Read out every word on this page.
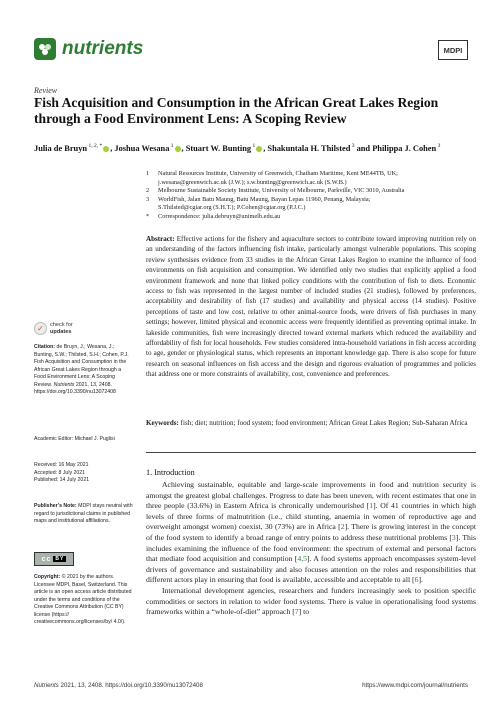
nutrients	MDPI
Review
Fish Acquisition and Consumption in the African Great Lakes Region through a Food Environment Lens: A Scoping Review
Julia de Bruyn $^{1, 2, *}$ , Joshua Wesana $^1$ , Stuart W. Bunting $^1$ , Shakuntala H. Thilsted $^3$ and Philippa J. Cohen $^3$
1	Natural Resources Institute, University of Greenwich, Chatham Maritime, Kent ME44TB, UK;
j.wesana@greenwich.ac.uk (J.W.); s.w.bunting@greenwich.ac.uk (S.W.B.)
2	Melbourne Sustainable Society Institute, University of Melbourne, Parkville, VIC 3010, Australia
3	WorldFish, Jalan Batu Maung, Batu Maung, Bayan Lepas 11960, Penang, Malaysia;
S.Thilsted@cgiar.org (S.H.T.); P.Cohen@cgiar.org (P.J.C.)
*	Correspondence: julia.debruyn@unimelb.edu.au
✓	check for
updates
Citation: de Bruyn, J.; Wesana, J.; Bunting, S.W.; Thilsted, S.H.; Cohen, P.J. Fish Acquisition and Consumption in the African Great Lakes Region through a Food Environment Lens: A Scoping Review. Nutrients 2021, 13, 2408. https://doi.org/10.3390/nu13072408
Academic Editor: Michael J. Puglisi
Received: 16 May 2021
Accepted: 8 July 2021
Published: 14 July 2021
Publisher’s Note: MDPI stays neutral with regard to jurisdictional claims in published maps and institutional affiliations.
cc BY
Copyright: © 2021 by the authors. Licensee MDPI, Basel, Switzerland. This article is an open access article distributed under the terms and conditions of the Creative Commons Attribution (CC BY) license (https:// creativecommons.org/licenses/by/ 4.0/).
Abstract: Effective actions for the fishery and aquaculture sectors to contribute toward improving nutrition rely on an understanding of the factors influencing fish intake, particularly amongst vulnerable populations. This scoping review synthesises evidence from 33 studies in the African Great Lakes Region to examine the influence of food environments on fish acquisition and consumption. We identified only two studies that explicitly applied a food environment framework and none that linked policy conditions with the contribution of fish to diets. Economic access to fish was represented in the largest number of included studies (21 studies), followed by preferences, acceptability and desirability of fish (17 studies) and availability and physical access (14 studies). Positive perceptions of taste and low cost, relative to other animal-source foods, were drivers of fish purchases in many settings; however, limited physical and economic access were frequently identified as preventing optimal intake. In lakeside communities, fish were increasingly directed toward external markets which reduced the availability and affordability of fish for local households. Few studies considered intra-household variations in fish access according to age, gender or physiological status, which represents an important knowledge gap. There is also scope for future research on seasonal influences on fish access and the design and rigorous evaluation of programmes and policies that address one or more constraints of availability, cost, convenience and preferences.
Keywords: fish; diet; nutrition; food system; food environment; African Great Lakes Region; Sub-Saharan Africa
1. Introduction

Achieving sustainable, equitable and large-scale improvements in food and nutrition security is amongst the greatest global challenges. Progress to date has been uneven, with recent estimates that one in three people (33.6%) in Eastern Africa is chronically undernourished [1]. Of 41 countries in which high levels of three forms of malnutrition (i.e., child stunting, anaemia in women of reproductive age and overweight amongst women) coexist, 30 (73%) are in Africa [2]. There is growing interest in the concept of the food system to identify a broad range of entry points to address these nutritional problems [3]. This includes examining the influence of the food environment: the spectrum of external and personal factors that mediate food acquisition and consumption [4,5]. A food systems approach encompasses system-level drivers of governance and sustainability and also focuses attention on the roles and responsibilities that different actors play in ensuring that food is available, accessible and acceptable to all [6].

International development agencies, researchers and funders increasingly seek to position specific commodities or sectors in relation to wider food systems. There is value in operationalising food systems frameworks within a “whole-of-diet” approach [7] to

Nutrients 2021, 13, 2408. https://doi.org/10.3390/nu13072408	https://www.mdpi.com/journal/nutrients
